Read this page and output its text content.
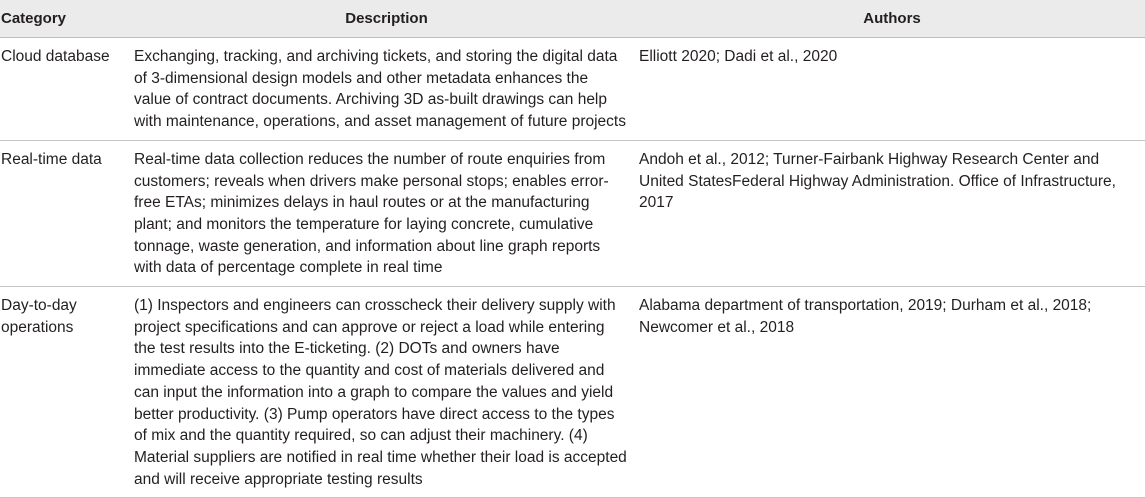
Category	Description	Authors
Cloud database	Exchanging, tracking, and archiving tickets, and storing the digital data of 3-dimensional design models and other metadata enhances the value of contract documents. Archiving 3D as-built drawings can help with maintenance, operations, and asset management of future projects	Elliott 2020; Dadi et al., 2020
Real-time data	Real-time data collection reduces the number of route enquiries from customers; reveals when drivers make personal stops; enables error-free ETAs; minimizes delays in haul routes or at the manufacturing plant; and monitors the temperature for laying concrete, cumulative tonnage, waste generation, and information about line graph reports with data of percentage complete in real time	Andoh et al., 2012; Turner-Fairbank Highway Research Center and United StatesFederal Highway Administration. Office of Infrastructure, 2017
Day-to-day operations	(1) Inspectors and engineers can crosscheck their delivery supply with project specifications and can approve or reject a load while entering the test results into the E-ticketing. (2) DOTs and owners have immediate access to the quantity and cost of materials delivered and can input the information into a graph to compare the values and yield better productivity. (3) Pump operators have direct access to the types of mix and the quantity required, so can adjust their machinery. (4) Material suppliers are notified in real time whether their load is accepted and will receive appropriate testing results	Alabama department of transportation, 2019; Durham et al., 2018; Newcomer et al., 2018
